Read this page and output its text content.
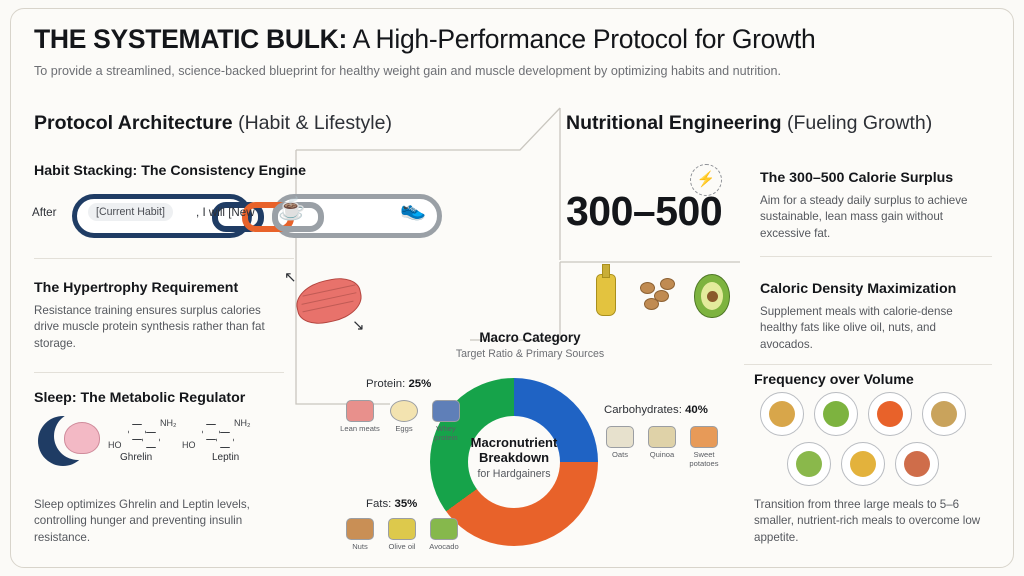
THE SYSTEMATIC BULK: A High-Performance Protocol for Growth
To provide a streamlined, science-backed blueprint for healthy weight gain and muscle development by optimizing habits and nutrition.
Protocol Architecture (Habit & Lifestyle)	Nutritional Engineering (Fueling Growth)
Habit Stacking: The Consistency Engine
After	[Current Habit]	, I will [New ☕	👟
The Hypertrophy Requirement
Resistance training ensures surplus calories drive muscle protein synthesis rather than fat storage.
↖
↘
Sleep: The Metabolic Regulator
HO
NH₂
Ghrelin
HO
NH₂
Leptin
Sleep optimizes Ghrelin and Leptin levels, controlling hunger and preventing insulin resistance.
The 300–500 Calorie Surplus
Aim for a steady daily surplus to achieve sustainable, lean mass gain without excessive fat.
300–500
⚡
Caloric Density Maximization
Supplement meals with calorie-dense healthy fats like olive oil, nuts, and avocados.
Frequency over Volume
Transition from three large meals to 5–6 smaller, nutrient-rich meals to overcome low appetite.
Macro Category
Target Ratio & Primary Sources
Macronutrient
Breakdown
for Hardgainers
Protein: 25%
Lean meats	Eggs	Whey protein
Carbohydrates: 40%
Oats	Quinoa	Sweet potatoes
Fats: 35%
Nuts	Olive oil	Avocado
